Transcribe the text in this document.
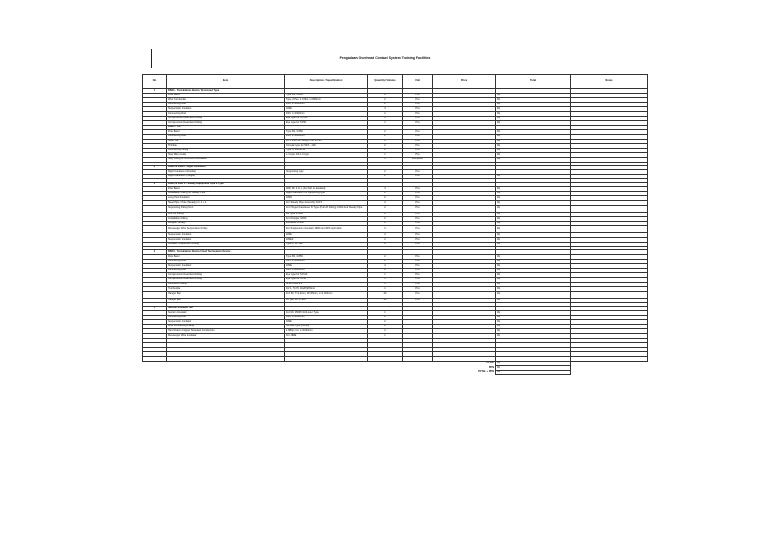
Pengadaan Overhead Contact System Training Facilities
No	Item	Description / Specification	Quantity/ Volume	Unit	Price	Total	Notes
1	DSR1 - Termination Device Tensioned Type						
	Pole Band	Type B1, 0/350	2	Pcs		Rp	
	Wire Turnbuckle	Type d Pen, 1.37lbn, L=800mm	2	Pcs		Rp	
	Connecting Rod	D16, L=1000mm	2	Pcs		Rp	
	Suspension Insulator	180E	4	Pcs		Rp	
	Connecting Rod	D16, L=1000mm	2	Pcs		Rp	
	Compression Dead End Fitting	Eye type for ST110	1	Pcs		Rp	
	Compression Dead End Fitting	Eye type for ST90	1	Pcs		Rp	
	DSR1 - Tie						
	Pole Band	Type B1, 0/350	2	Pcs		Rp	
	Connecting Rod	D16, L=1000mm	2	Pcs		Rp	
	Steel Tile	26 X 2003 for fitting m for 27mm	6	Pcs		Rp	
	Thimble	Circular type for 50/3 - 100	2	Pcs		Rp	
	Connecting Fitting	Type II, M20x150	2	Pcs		Rp	
	Stay Wire Guide	L-3 type GS-1.0 type	1	Pcs		Rp	
	Stay Fitting & Concrete Foundation		1	Lumpsum		Rp	

2	DSR2 & DSR3 - Rigid Cantilever						
	Rigid Cantilever (Double)	Supporting type	2	Pcs			
	Rigid Cantilever (Single)		2	Pcs		Rp	

3	DSR2 & DSR 3 - Steady Equipment Pipe II Type						
	Pole Band	With Mt. 4 N, L (for Part or detailed)	4	Pcs		Rp	
	Installation Fitting for Steady Pipe	Rigid Cantilever for supporting type	2	Pcs		Rp	
	Long Post Insulator	180D	2	Pcs		Rp	
	Steel Pipe / Pole (Steady) 2 / 4 + 1	For Steady Pipe Assembly D/4.5	2	Pcs		Rp	
	Supporting Fitting No.1	For Hinged Cantilever D Type (Pull off Fitting) l=900 Anti Steady Pipe	2	Pcs		Rp	
	Pull Off Fitting	B1 Type L=900	2	Pcs		Rp	
	Installation Fitting	For Dropper 330/4	2	Pcs		Rp	
	Dropper (Strap)	PROBAL L=900	2	Pcs		Rp	
	Messenger Wire Suspension Pulley	For Suspension Insulator 180D and MIS split dack	2	Pcs		Rp	
	Suspension Insulator	180E	2	Pcs		Rp	
	Suspension Insulator	180EF	2	Pcs		Rp	
	Insulator Suspension Fitting	Type 1, for 180	2	Pcs		Rp	

4	DSR4 - Termination Device Fixed Termination Device						
	Pole Band	Type B1, 0/350	2	Pcs		Rp	
	Connecting Rod	D16, L=1000mm	2	Pcs		Rp	
	Suspension Insulator	180E	4	Pcs		Rp	
	Connecting Rod	D16, L=1000mm	2	Pcs		Rp	
	Compression Dead End Fitting	Eye type for ST110	1	Pcs		Rp	
	Compression Dead End Fitting	Eye type for ST90	1	Pcs		Rp	
	Connector clamp	SHM Cu48 2S	1	Pcs		Rp	
	Turnbuckle	10/ 1, Tp=5, Z(a45)0/9mm	1	Pcs		Rp	
	Hanger Bar	D-0 50, T=1.9mm, W=35mm, L=2 400mm	20	Pcs		Rp	
	Hanger Ear	A Type, for ST110	20	Pcs		Rp	

5	Section Insulator Set						
	Section Insulator	For DC 1500V Roll-over Type	1			Rp	
	Connecting Rod	D16, L=1000mm	2			Rp	
	Suspension Insulator	180E	2			Rp	
	Wire Connecting Fitting	SS Bolt Type (50-90)	2			Rp	
	Hard Drawn Copper Stranded Conductors	1.5Bhp mm, L=1000mm	2			Rp	
	Messenger Wire Insulator	For 180E	1			Rp	

					TOTAL	Rp	
					PPN	Rp	
					TOTAL + PPN	Rp	
